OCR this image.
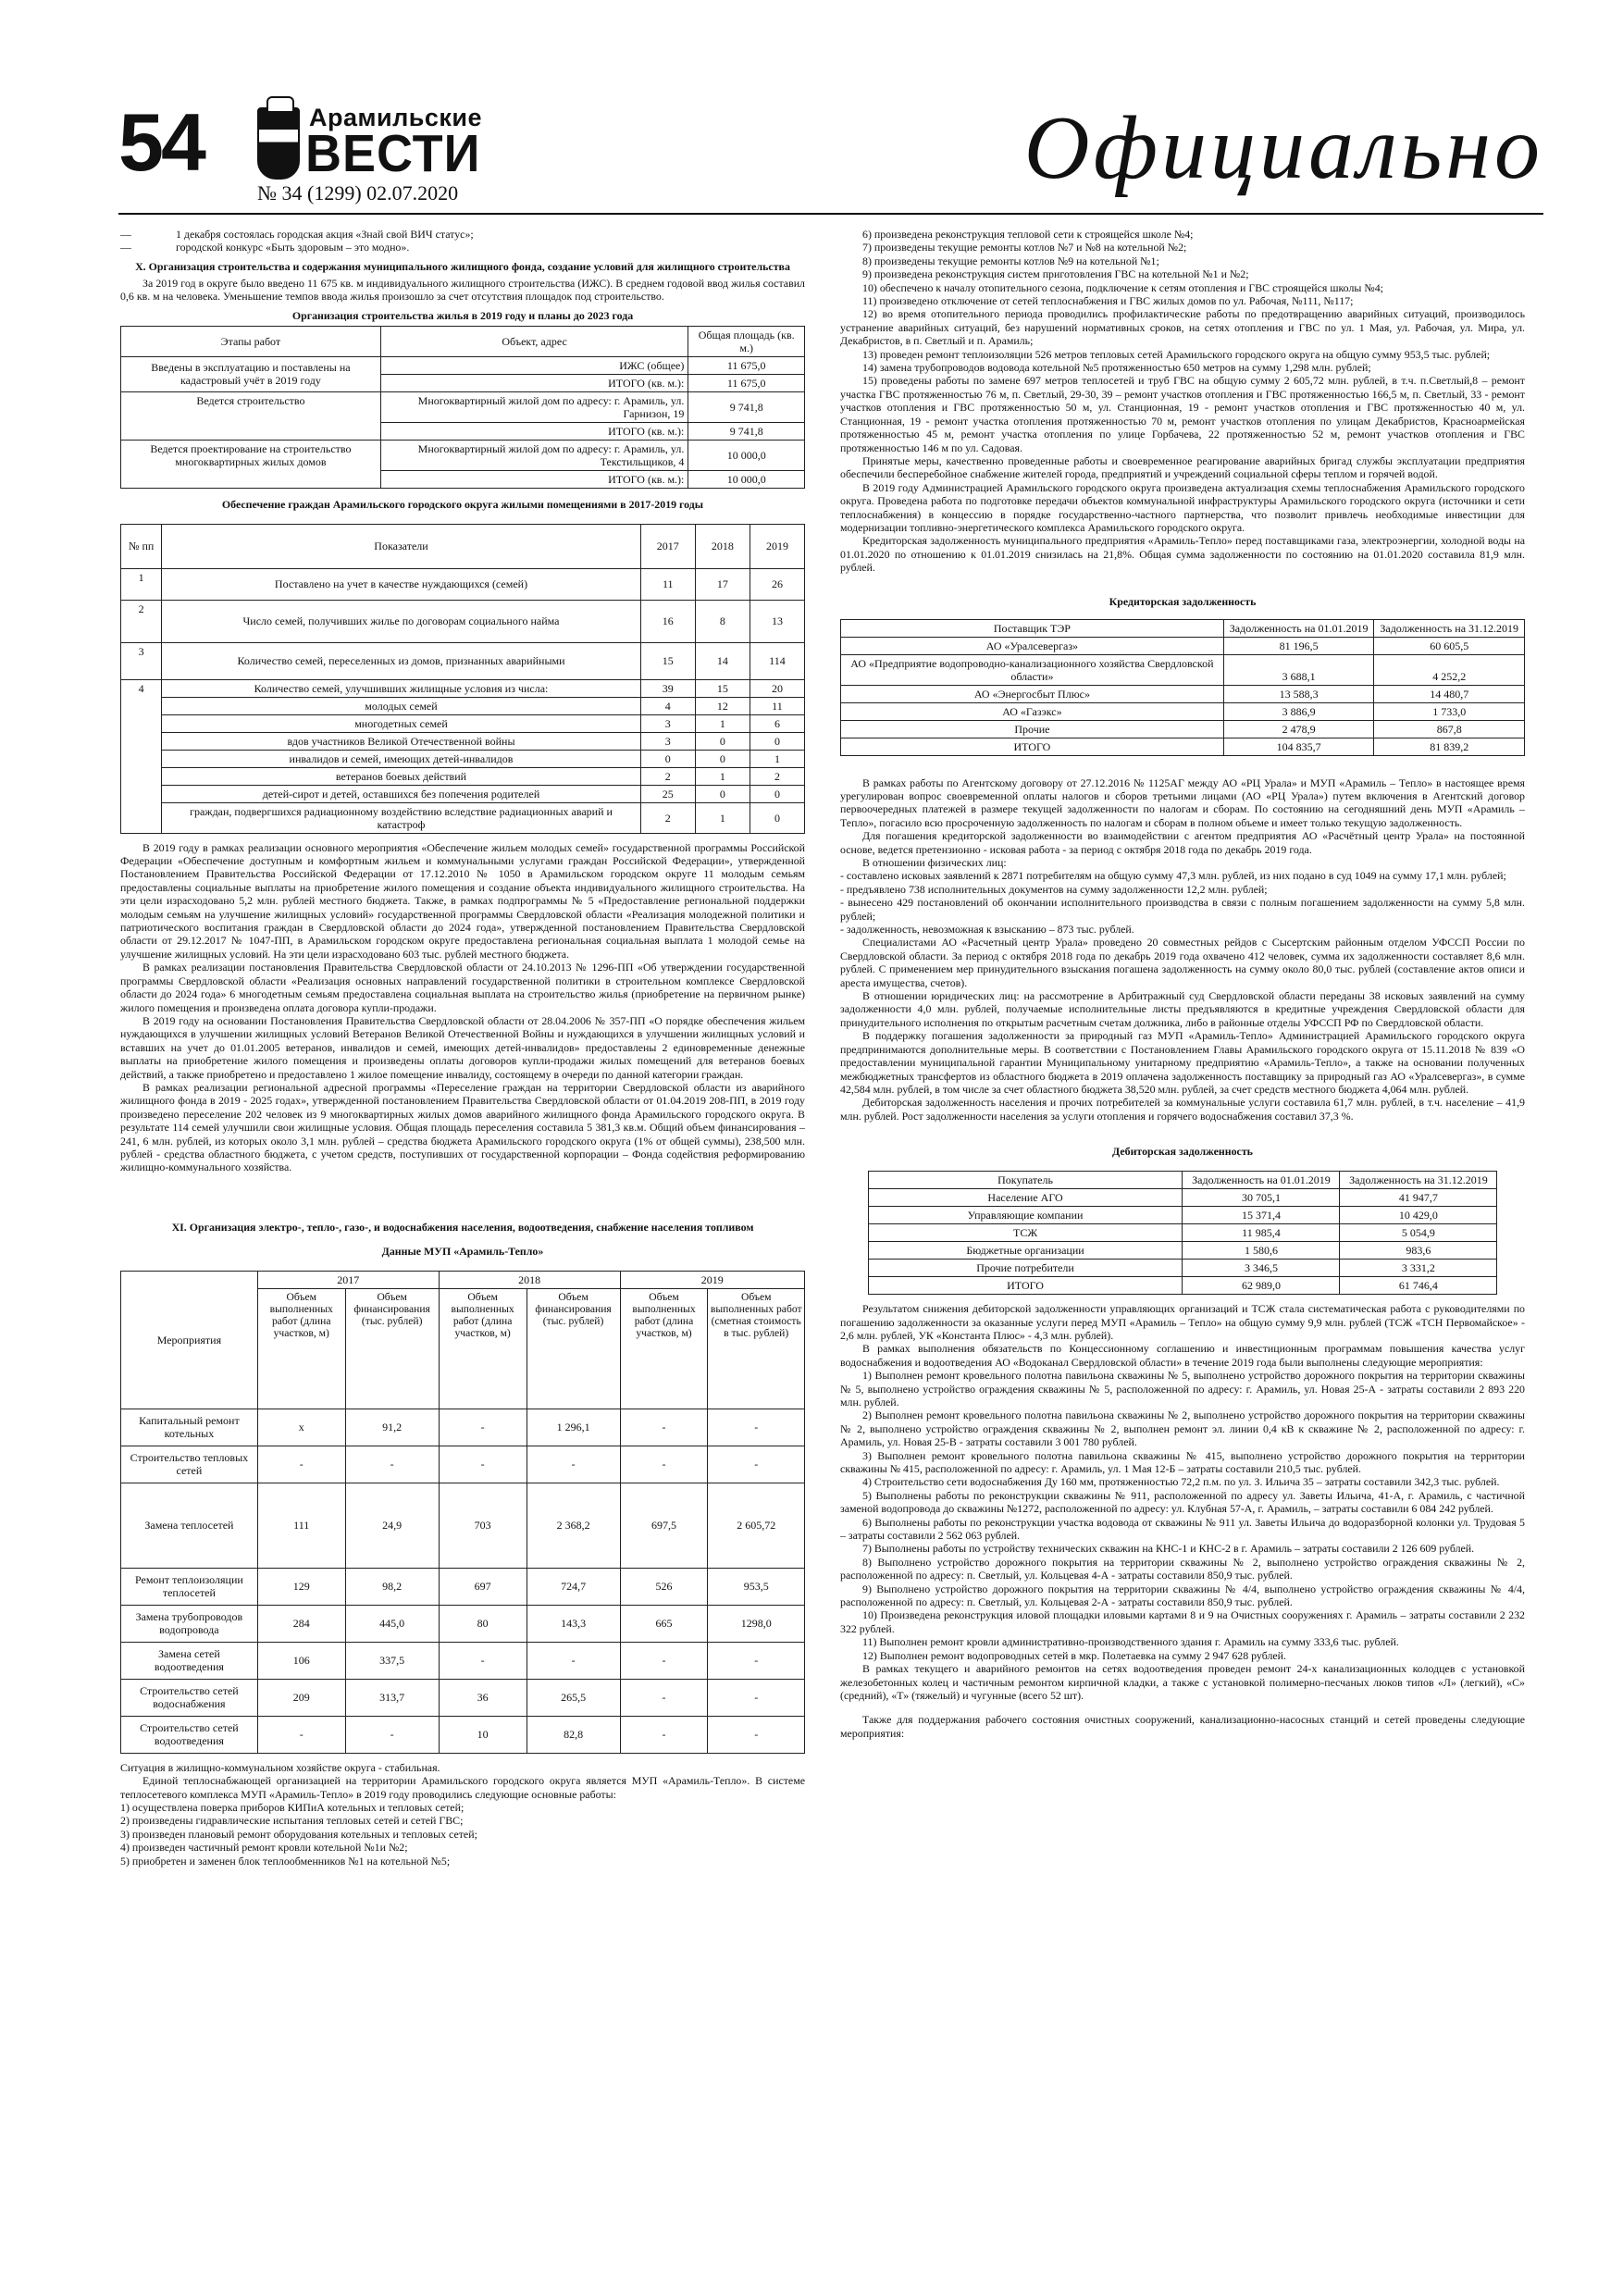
54	Арамильские
ВЕСТИ
№ 34 (1299) 02.07.2020	Официально

—	1 декабря состоялась городская акция «Знай свой ВИЧ статус»;

—	городской конкурс «Быть здоровым – это модно».

X. Организация строительства и содержания муниципального жилищного фонда, создание условий для жилищного строительства

За 2019 год в округе было введено 11 675 кв. м индивидуального жилищного строительства (ИЖС). В среднем годовой ввод жилья составил 0,6 кв. м на человека. Уменьшение темпов ввода жилья произошло за счет отсутствия площадок под строительство.

Организация строительства жилья в 2019 году и планы до 2023 года
Этапы работ	Объект, адрес	Общая площадь (кв. м.)
Введены в эксплуатацию и поставлены на кадастровый учёт в 2019 году	ИЖС (общее)	11 675,0
	ИТОГО (кв. м.):	11 675,0
Ведется строительство	Многоквартирный жилой дом по адресу: г. Арамиль, ул. Гарнизон, 19	9 741,8
	ИТОГО (кв. м.):	9 741,8
Ведется проектирование на строительство многоквартирных жилых домов	Многоквартирный жилой дом по адресу: г. Арамиль, ул. Текстильщиков, 4	10 000,0
	ИТОГО (кв. м.):	10 000,0
Обеспечение граждан Арамильского городского округа жилыми помещениями в 2017-2019 годы
№ пп	Показатели	2017	2018	2019
1	Поставлено на учет в качестве нуждающихся (семей)	11	17	26
2	Число семей, получивших жилье по договорам социального найма	16	8	13
3	Количество семей, переселенных из домов, признанных аварийными	15	14	114
4	Количество семей, улучшивших жилищные условия из числа:	39	15	20
	молодых семей	4	12	11
	многодетных семей	3	1	6
	вдов участников Великой Отечественной войны	3	0	0
	инвалидов и семей, имеющих детей-инвалидов	0	0	1
	ветеранов боевых действий	2	1	2
	детей-сирот и детей, оставшихся без попечения родителей	25	0	0
	граждан, подвергшихся радиационному воздействию вследствие радиационных аварий и катастроф	2	1	0

В 2019 году в рамках реализации основного мероприятия «Обеспечение жильем молодых семей» государственной программы Российской Федерации «Обеспечение доступным и комфортным жильем и коммунальными услугами граждан Российской Федерации», утвержденной Постановлением Правительства Российской Федерации от 17.12.2010 № 1050 в Арамильском городском округе 11 молодым семьям предоставлены социальные выплаты на приобретение жилого помещения и создание объекта индивидуального жилищного строительства. На эти цели израсходовано 5,2 млн. рублей местного бюджета. Также, в рамках подпрограммы № 5 «Предоставление региональной поддержки молодым семьям на улучшение жилищных условий» государственной программы Свердловской области «Реализация молодежной политики и патриотического воспитания граждан в Свердловской области до 2024 года», утвержденной постановлением Правительства Свердловской области от 29.12.2017 № 1047-ПП, в Арамильском городском округе предоставлена региональная социальная выплата 1 молодой семье на улучшение жилищных условий. На эти цели израсходовано 603 тыс. рублей местного бюджета.

В рамках реализации постановления Правительства Свердловской области от 24.10.2013 № 1296-ПП «Об утверждении государственной программы Свердловской области «Реализация основных направлений государственной политики в строительном комплексе Свердловской области до 2024 года» 6 многодетным семьям предоставлена социальная выплата на строительство жилья (приобретение на первичном рынке) жилого помещения и произведена оплата договора купли-продажи.

В 2019 году на основании Постановления Правительства Свердловской области от 28.04.2006 № 357-ПП «О порядке обеспечения жильем нуждающихся в улучшении жилищных условий Ветеранов Великой Отечественной Войны и нуждающихся в улучшении жилищных условий и вставших на учет до 01.01.2005 ветеранов, инвалидов и семей, имеющих детей-инвалидов» предоставлены 2 единовременные денежные выплаты на приобретение жилого помещения и произведены оплаты договоров купли-продажи жилых помещений для ветеранов боевых действий, а также приобретено и предоставлено 1 жилое помещение инвалиду, состоящему в очереди по данной категории граждан.

В рамках реализации региональной адресной программы «Переселение граждан на территории Свердловской области из аварийного жилищного фонда в 2019 - 2025 годах», утвержденной постановлением Правительства Свердловской области от 01.04.2019 208-ПП, в 2019 году произведено переселение 202 человек из 9 многоквартирных жилых домов аварийного жилищного фонда Арамильского городского округа. В результате 114 семей улучшили свои жилищные условия. Общая площадь переселения составила 5 381,3 кв.м. Общий объем финансирования – 241, 6 млн. рублей, из которых около 3,1 млн. рублей – средства бюджета Арамильского городского округа (1% от общей суммы), 238,500 млн. рублей - средства областного бюджета, с учетом средств, поступивших от государственной корпорации – Фонда содействия реформированию жилищно-коммунального хозяйства.

XI. Организация электро-, тепло-, газо-, и водоснабжения населения, водоотведения, снабжение населения топливом
Данные МУП «Арамиль-Тепло»
Мероприятия	2017		2018		2019	
	Объем выполненных работ (длина участков, м)	Объем финансирования (тыс. рублей)	Объем выполненных работ (длина участков, м)	Объем финансирования (тыс. рублей)	Объем выполненных работ (длина участков, м)	Объем выполненных работ (сметная стоимость в тыс. рублей)
Капитальный ремонт котельных	х	91,2	-	1 296,1	-	-
Строительство тепловых сетей	-	-	-	-	-	-
Замена теплосетей	111	24,9	703	2 368,2	697,5	2 605,72
Ремонт теплоизоляции теплосетей	129	98,2	697	724,7	526	953,5
Замена трубопроводов водопровода	284	445,0	80	143,3	665	1298,0
Замена сетей водоотведения	106	337,5	-	-	-	-
Строительство сетей водоснабжения	209	313,7	36	265,5	-	-
Строительство сетей водоотведения	-	-	10	82,8	-	-

Ситуация в жилищно-коммунальном хозяйстве округа - стабильная.

Единой теплоснабжающей организацией на территории Арамильского городского округа является МУП «Арамиль-Тепло». В системе теплосетевого комплекса МУП «Арамиль-Тепло» в 2019 году проводились следующие основные работы:

1) осуществлена поверка приборов КИПиА котельных и тепловых сетей;

2) произведены гидравлические испытания тепловых сетей и сетей ГВС;

3) произведен плановый ремонт оборудования котельных и тепловых сетей;

4) произведен частичный ремонт кровли котельной №1и №2;

5) приобретен и заменен блок теплообменников №1 на котельной №5;

6) произведена реконструкция тепловой сети к строящейся школе №4;

7) произведены текущие ремонты котлов №7 и №8 на котельной №2;

8) произведены текущие ремонты котлов №9 на котельной №1;

9) произведена реконструкция систем приготовления ГВС на котельной №1 и №2;

10) обеспечено к началу отопительного сезона, подключение к сетям отопления и ГВС строящейся школы №4;

11) произведено отключение от сетей теплоснабжения и ГВС жилых домов по ул. Рабочая, №111, №117;

12) во время отопительного периода проводились профилактические работы по предотвращению аварийных ситуаций, производилось устранение аварийных ситуаций, без нарушений нормативных сроков, на сетях отопления и ГВС по ул. 1 Мая, ул. Рабочая, ул. Мира, ул. Декабристов, в п. Светлый и п. Арамиль;

13) проведен ремонт теплоизоляции 526 метров тепловых сетей Арамильского городского округа на общую сумму 953,5 тыс. рублей;

14) замена трубопроводов водовода котельной №5 протяженностью 650 метров на сумму 1,298 млн. рублей;

15) проведены работы по замене 697 метров теплосетей и труб ГВС на общую сумму 2 605,72 млн. рублей, в т.ч. п.Светлый,8 – ремонт участка ГВС протяженностью 76 м, п. Светлый, 29-30, 39 – ремонт участков отопления и ГВС протяженностью 166,5 м, п. Светлый, 33 - ремонт участков отопления и ГВС протяженностью 50 м, ул. Станционная, 19 - ремонт участков отопления и ГВС протяженностью 40 м, ул. Станционная, 19 - ремонт участка отопления протяженностью 70 м, ремонт участков отопления по улицам Декабристов, Красноармейская протяженностью 45 м, ремонт участка отопления по улице Горбачева, 22 протяженностью 52 м, ремонт участков отопления и ГВС протяженностью 146 м по ул. Садовая.

Принятые меры, качественно проведенные работы и своевременное реагирование аварийных бригад службы эксплуатации предприятия обеспечили бесперебойное снабжение жителей города, предприятий и учреждений социальной сферы теплом и горячей водой.

В 2019 году Администрацией Арамильского городского округа произведена актуализация схемы теплоснабжения Арамильского городского округа. Проведена работа по подготовке передачи объектов коммунальной инфраструктуры Арамильского городского округа (источники и сети теплоснабжения) в концессию в порядке государственно-частного партнерства, что позволит привлечь необходимые инвестиции для модернизации топливно-энергетического комплекса Арамильского городского округа.

Кредиторская задолженность муниципального предприятия «Арамиль-Тепло» перед поставщиками газа, электроэнергии, холодной воды на 01.01.2020 по отношению к 01.01.2019 снизилась на 21,8%. Общая сумма задолженности по состоянию на 01.01.2020 составила 81,9 млн. рублей.

Кредиторская задолженность
Поставщик ТЭР	Задолженность на 01.01.2019	Задолженность на 31.12.2019
АО «Уралсевергаз»	81 196,5	60 605,5
АО «Предприятие водопроводно-канализационного хозяйства Свердловской области»	3 688,1	4 252,2
АО «Энергосбыт Плюс»	13 588,3	14 480,7
АО «Газэкс»	3 886,9	1 733,0
Прочие	2 478,9	867,8
ИТОГО	104 835,7	81 839,2

В рамках работы по Агентскому договору от 27.12.2016 № 1125АГ между АО «РЦ Урала» и МУП «Арамиль – Тепло» в настоящее время урегулирован вопрос своевременной оплаты налогов и сборов третьими лицами (АО «РЦ Урала») путем включения в Агентский договор первоочередных платежей в размере текущей задолженности по налогам и сборам. По состоянию на сегодняшний день МУП «Арамиль – Тепло», погасило всю просроченную задолженность по налогам и сборам в полном объеме и имеет только текущую задолженность.

Для погашения кредиторской задолженности во взаимодействии с агентом предприятия АО «Расчётный центр Урала» на постоянной основе, ведется претензионно - исковая работа - за период с октября 2018 года по декабрь 2019 года.

В отношении физических лиц:

- составлено исковых заявлений к 2871 потребителям на общую сумму 47,3 млн. рублей, из них подано в суд 1049 на сумму 17,1 млн. рублей;

- предъявлено 738 исполнительных документов на сумму задолженности 12,2 млн. рублей;

- вынесено 429 постановлений об окончании исполнительного производства в связи с полным погашением задолженности на сумму 5,8 млн. рублей;

- задолженность, невозможная к взысканию – 873 тыс. рублей.

Специалистами АО «Расчетный центр Урала» проведено 20 совместных рейдов с Сысертским районным отделом УФССП России по Свердловской области. За период с октября 2018 года по декабрь 2019 года охвачено 412 человек, сумма их задолженности составляет 8,6 млн. рублей. С применением мер принудительного взыскания погашена задолженность на сумму около 80,0 тыс. рублей (составление актов описи и ареста имущества, счетов).

В отношении юридических лиц: на рассмотрение в Арбитражный суд Свердловской области переданы 38 исковых заявлений на сумму задолженности 4,0 млн. рублей, получаемые исполнительные листы предъявляются в кредитные учреждения Свердловской области для принудительного исполнения по открытым расчетным счетам должника, либо в районные отделы УФССП РФ по Свердловской области.

В поддержку погашения задолженности за природный газ МУП «Арамиль-Тепло» Администрацией Арамильского городского округа предпринимаются дополнительные меры. В соответствии с Постановлением Главы Арамильского городского округа от 15.11.2018 № 839 «О предоставлении муниципальной гарантии Муниципальному унитарному предприятию «Арамиль-Тепло», а также на основании полученных межбюджетных трансфертов из областного бюджета в 2019 оплачена задолженность поставщику за природный газ АО «Уралсевергаз», в сумме 42,584 млн. рублей, в том числе за счет областного бюджета 38,520 млн. рублей, за счет средств местного бюджета 4,064 млн. рублей.

Дебиторская задолженность населения и прочих потребителей за коммунальные услуги составила 61,7 млн. рублей, в т.ч. население – 41,9 млн. рублей. Рост задолженности населения за услуги отопления и горячего водоснабжения составил 37,3 %.

Дебиторская задолженность
Покупатель	Задолженность на 01.01.2019	Задолженность на 31.12.2019
Население АГО	30 705,1	41 947,7
Управляющие компании	15 371,4	10 429,0
ТСЖ	11 985,4	5 054,9
Бюджетные организации	1 580,6	983,6
Прочие потребители	3 346,5	3 331,2
ИТОГО	62 989,0	61 746,4

Результатом снижения дебиторской задолженности управляющих организаций и ТСЖ стала систематическая работа с руководителями по погашению задолженности за оказанные услуги перед МУП «Арамиль – Тепло» на общую сумму 9,9 млн. рублей (ТСЖ «ТСН Первомайское» - 2,6 млн. рублей, УК «Константа Плюс» - 4,3 млн. рублей).

В рамках выполнения обязательств по Концессионному соглашению и инвестиционным программам повышения качества услуг водоснабжения и водоотведения АО «Водоканал Свердловской области» в течение 2019 года были выполнены следующие мероприятия:

1) Выполнен ремонт кровельного полотна павильона скважины № 5, выполнено устройство дорожного покрытия на территории скважины № 5, выполнено устройство ограждения скважины № 5, расположенной по адресу: г. Арамиль, ул. Новая 25-А - затраты составили 2 893 220 млн. рублей.

2) Выполнен ремонт кровельного полотна павильона скважины № 2, выполнено устройство дорожного покрытия на территории скважины № 2, выполнено устройство ограждения скважины № 2, выполнен ремонт эл. линии 0,4 кВ к скважине № 2, расположенной по адресу: г. Арамиль, ул. Новая 25-В - затраты составили 3 001 780 рублей.

3) Выполнен ремонт кровельного полотна павильона скважины № 415, выполнено устройство дорожного покрытия на территории скважины № 415, расположенной по адресу: г. Арамиль, ул. 1 Мая 12-Б – затраты составили 210,5 тыс. рублей.

4) Строительство сети водоснабжения Ду 160 мм, протяженностью 72,2 п.м. по ул. З. Ильича 35 – затраты составили 342,3 тыс. рублей.

5) Выполнены работы по реконструкции скважины № 911, расположенной по адресу ул. Заветы Ильича, 41-А, г. Арамиль, с частичной заменой водопровода до скважины №1272, расположенной по адресу: ул. Клубная 57-А, г. Арамиль, – затраты составили 6 084 242 рублей.

6) Выполнены работы по реконструкции участка водовода от скважины № 911 ул. Заветы Ильича до водоразборной колонки ул. Трудовая 5 – затраты составили 2 562 063 рублей.

7) Выполнены работы по устройству технических скважин на КНС-1 и КНС-2 в г. Арамиль – затраты составили 2 126 609 рублей.

8) Выполнено устройство дорожного покрытия на территории скважины № 2, выполнено устройство ограждения скважины № 2, расположенной по адресу: п. Светлый, ул. Кольцевая 4-А - затраты составили 850,9 тыс. рублей.

9) Выполнено устройство дорожного покрытия на территории скважины № 4/4, выполнено устройство ограждения скважины № 4/4, расположенной по адресу: п. Светлый, ул. Кольцевая 2-А - затраты составили 850,9 тыс. рублей.

10) Произведена реконструкция иловой площадки иловыми картами 8 и 9 на Очистных сооружениях г. Арамиль – затраты составили 2 232 322 рублей.

11) Выполнен ремонт кровли административно-производственного здания г. Арамиль на сумму 333,6 тыс. рублей.

12) Выполнен ремонт водопроводных сетей в мкр. Полетаевка на сумму 2 947 628 рублей.

В рамках текущего и аварийного ремонтов на сетях водоотведения проведен ремонт 24-х канализационных колодцев с установкой железобетонных колец и частичным ремонтом кирпичной кладки, а также с установкой полимерно-песчаных люков типов «Л» (легкий), «С» (средний), «Т» (тяжелый) и чугунные (всего 52 шт).

Также для поддержания рабочего состояния очистных сооружений, канализационно-насосных станций и сетей проведены следующие мероприятия:
